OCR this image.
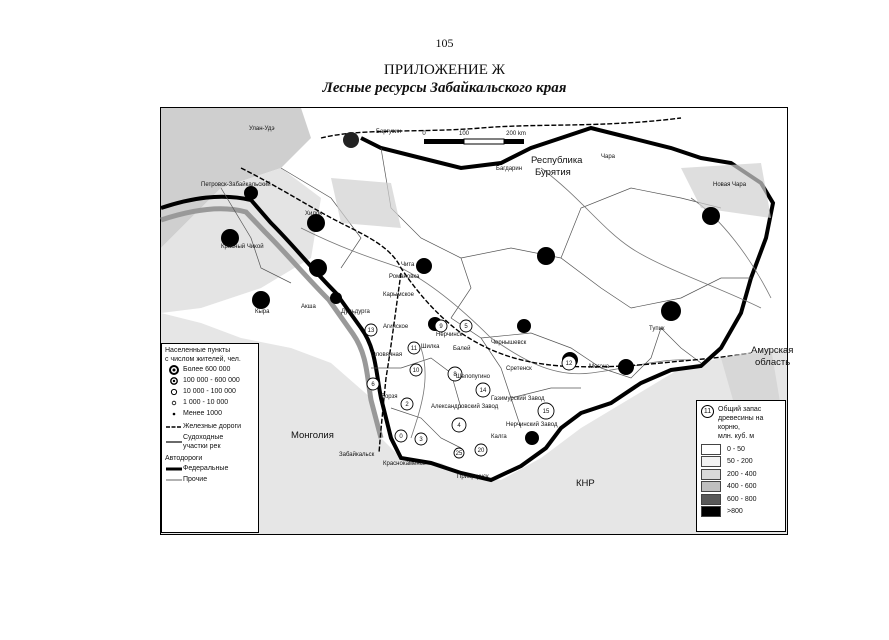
105
ПРИЛОЖЕНИЕ Ж
Лесные ресурсы Забайкальского края
13
11
10
8
9	5
6
2
0	3
4
14
15
12
20
25
0	100	200 km
Республика
Бурятия
Амурская
область
Монголия
КНР
Улан-Удэ
Чита
Хилок
Петровск-Забайкальский
Красный Чикой
Кыра
Акша
Дульдурга
Агинское
Оловянная
Борзя
Забайкальск
Краснокаменск
Приаргунск
Шилка
Нерчинск
Сретенск	Могоча
Тупик
Чара
Новая Чара
Баргузин
Романовка
Карымское
Газимурский Завод
Нерчинский Завод
Калга
Александровский Завод
Балей
Чернышевск
Шелопугино
Багдарин
Населенные пункты
с числом жителей, чел.
Более 600 000
100 000 - 600 000
10 000 - 100 000
1 000 - 10 000
Менее 1000
Железные дороги
Судоходные
участки рек
Автодороги
Федеральные
Прочие
11 Общий запас
древесины на корню,
млн. куб. м
0 - 50
50 - 200
200 - 400
400 - 600
600 - 800
>800
